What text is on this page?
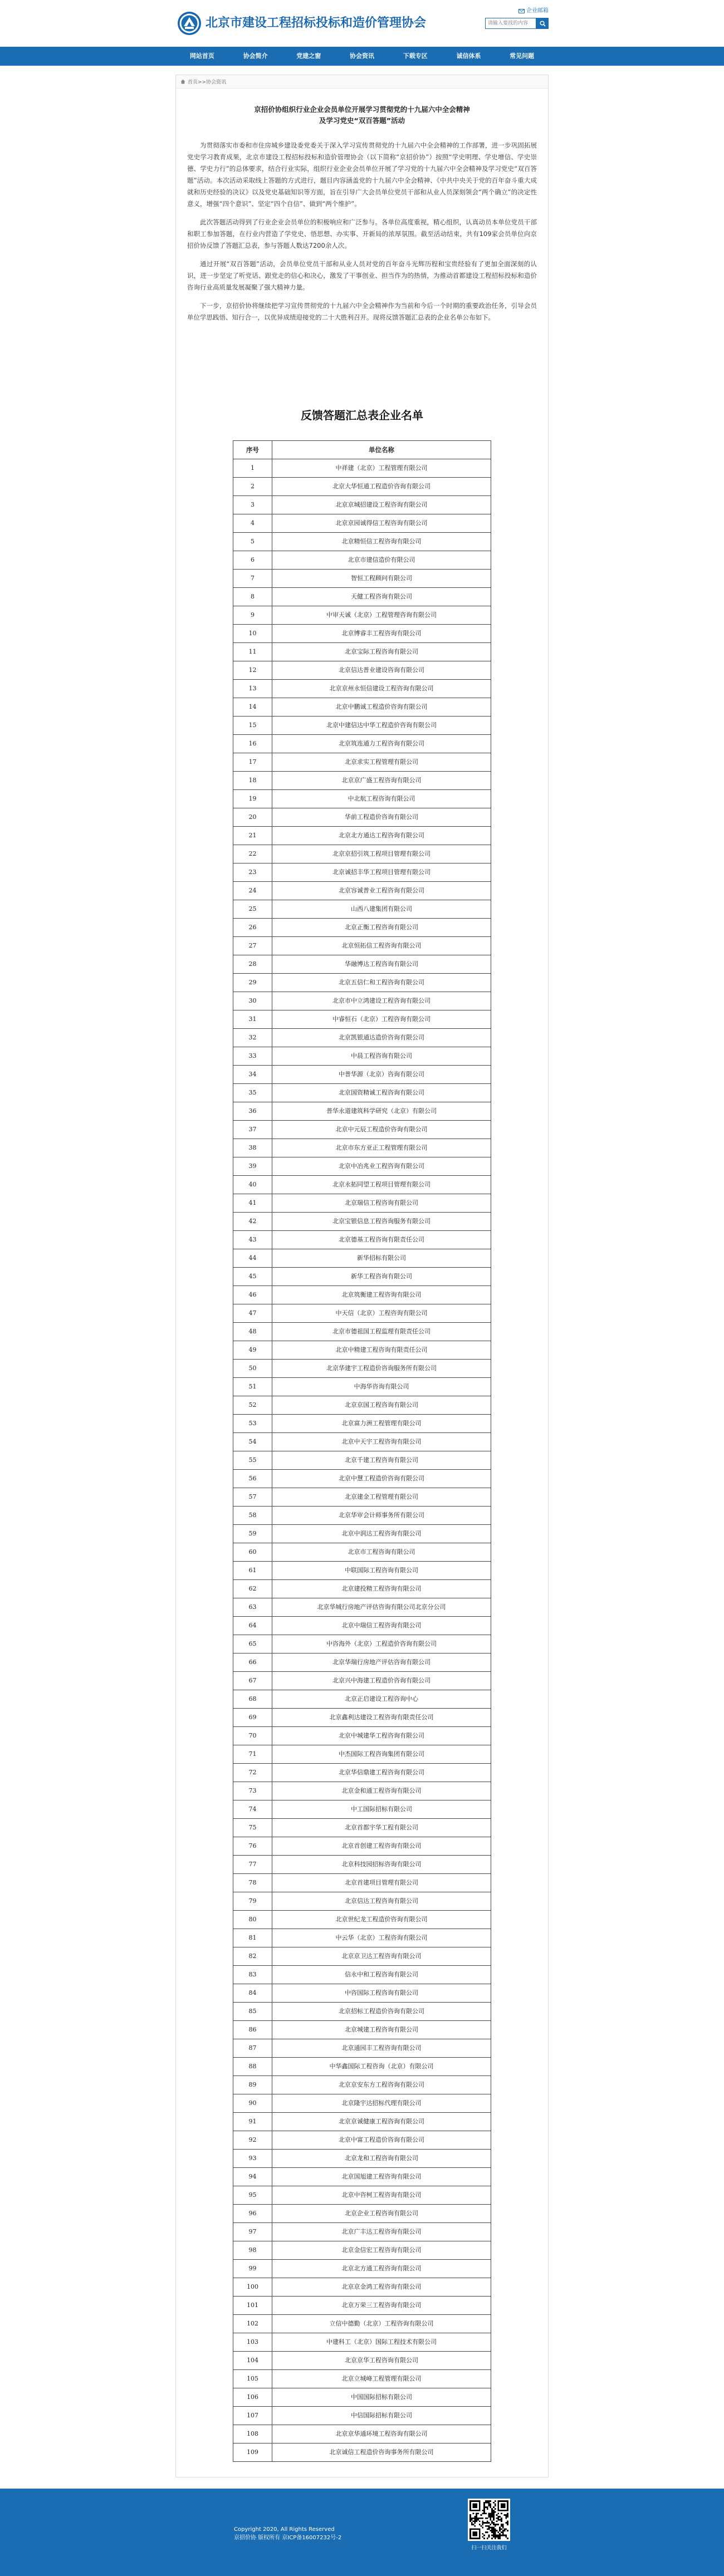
北京市建设工程招标投标和造价管理协会
企业邮箱
请输入要找的内容
网站首页	协会简介	党建之窗	协会资讯	下载专区	诚信体系	常见问题
首页>>协会资讯
京招价协组织行业企业会员单位开展学习贯彻党的十九届六中全会精神
及学习党史“双百答题”活动

为贯彻落实市委和市住房城乡建设委党委关于深入学习宣传贯彻党的十九届六中全会精神的工作部署，进一步巩固拓展党史学习教育成果，北京市建设工程招标投标和造价管理协会（以下简称“京招价协”）按照“学史明理、学史增信、学史崇德、学史力行”的总体要求，结合行业实际，组织行业企业会员单位开展了学习党的十九届六中全会精神及学习党史“双百答题”活动。本次活动采取线上答题的方式进行，题目内容涵盖党的十九届六中全会精神、《中共中央关于党的百年奋斗重大成就和历史经验的决议》以及党史基础知识等方面，旨在引导广大会员单位党员干部和从业人员深刻领会“两个确立”的决定性意义，增强“四个意识”、坚定“四个自信”、做到“两个维护”。

此次答题活动得到了行业企业会员单位的积极响应和广泛参与。各单位高度重视，精心组织，认真动员本单位党员干部和职工参加答题，在行业内营造了学党史、悟思想、办实事、开新局的浓厚氛围。截至活动结束，共有109家会员单位向京招价协反馈了答题汇总表，参与答题人数达7200余人次。

通过开展“双百答题”活动，会员单位党员干部和从业人员对党的百年奋斗光辉历程和宝贵经验有了更加全面深刻的认识，进一步坚定了听党话、跟党走的信心和决心，激发了干事创业、担当作为的热情，为推动首都建设工程招标投标和造价咨询行业高质量发展凝聚了强大精神力量。

下一步，京招价协将继续把学习宣传贯彻党的十九届六中全会精神作为当前和今后一个时期的重要政治任务，引导会员单位学思践悟、知行合一，以优异成绩迎接党的二十大胜利召开。现将反馈答题汇总表的企业名单公布如下。

反馈答题汇总表企业名单
序号	单位名称
1	中祥建（北京）工程管理有限公司
2	北京大华恒通工程造价咨询有限公司
3	北京京城招建设工程咨询有限公司
4	北京京园诚得信工程咨询有限公司
5	北京精恒信工程咨询有限公司
6	北京市建信造价有限公司
7	智恒工程顾问有限公司
8	天健工程咨询有限公司
9	中审天诚（北京）工程管理咨询有限公司
10	北京博睿丰工程咨询有限公司
11	北京宝际工程咨询有限公司
12	北京信达普业建设咨询有限公司
13	北京京州永恒信建设工程咨询有限公司
14	北京中鹏诚工程造价咨询有限公司
15	北京中建信达中华工程造价咨询有限公司
16	北京筑连通力工程咨询有限公司
17	北京求实工程管理有限公司
18	北京京广盛工程咨询有限公司
19	中北航工程咨询有限公司
20	华前工程造价咨询有限公司
21	北京北方通达工程咨询有限公司
22	北京京招引筑工程项目管理有限公司
23	北京诚招丰华工程项目管理有限公司
24	北京容诚普业工程咨询有限公司
25	山西八建集团有限公司
26	北京正衡工程咨询有限公司
27	北京恒拓信工程咨询有限公司
28	华融博达工程咨询有限公司
29	北京五信仁和工程咨询有限公司
30	北京市中立鸿建设工程咨询有限公司
31	中睿恒石（北京）工程咨询有限公司
32	北京凯银通达造价咨询有限公司
33	中晨工程咨询有限公司
34	中普华源（北京）咨询有限公司
35	北京国资精诚工程咨询有限公司
36	普华永道建筑科学研究（北京）有限公司
37	北京中元辰工程造价咨询有限公司
38	北京市东方亚正工程管理有限公司
39	北京中冶兆业工程咨询有限公司
40	北京永拓同望工程项目管理有限公司
41	北京瑞信工程咨询有限公司
42	北京宝银信息工程咨询服务有限公司
43	北京德基工程咨询有限责任公司
44	新华招标有限公司
45	新华工程咨询有限公司
46	北京筑衡建工程咨询有限公司
47	中天信（北京）工程咨询有限公司
48	北京市德祖国工程监理有限责任公司
49	北京中精建工程咨询有限责任公司
50	北京华建宇工程造价咨询服务所有限公司
51	中海华咨询有限公司
52	北京京国工程咨询有限公司
53	北京富力洲工程管理有限公司
54	北京中天宇工程咨询有限公司
55	北京千建工程咨询有限公司
56	北京中慧工程造价咨询有限公司
57	北京建金工程管理有限公司
58	北京华审会计师事务所有限公司
59	北京中润达工程咨询有限公司
60	北京市工程咨询有限公司
61	中联国际工程咨询有限公司
62	北京建投精工程咨询有限公司
63	北京华城行房地产评估咨询有限公司北京分公司
64	北京中瑞信工程咨询有限公司
65	中咨海外（北京）工程造价咨询有限公司
66	北京华瑞行房地产评估咨询有限公司
67	北京兴中海建工程造价咨询有限公司
68	北京正启建设工程咨询中心
69	北京鑫利达建设工程咨询有限责任公司
70	北京中城建华工程咨询有限公司
71	中杰国际工程咨询集团有限公司
72	北京华信鼎建工程咨询有限公司
73	北京金和通工程咨询有限公司
74	中工国际招标有限公司
75	北京首都宇华工程有限公司
76	北京首创建工程咨询有限公司
77	北京科技园招标咨询有限公司
78	北京首建项目管理有限公司
79	北京信达工程咨询有限公司
80	北京世纪龙工程造价咨询有限公司
81	中云华（北京）工程咨询有限公司
82	北京京卫达工程咨询有限公司
83	信永中和工程咨询有限公司
84	中咨国际工程咨询有限公司
85	北京招标工程造价咨询有限公司
86	北京城建工程咨询有限公司
87	北京通园丰工程咨询有限公司
88	中华鑫国际工程咨询（北京）有限公司
89	北京京安东方工程咨询有限公司
90	北京隆宇达招标代理有限公司
91	北京京诚健康工程咨询有限公司
92	北京中富工程造价咨询有限公司
93	北京龙和工程咨询有限公司
94	北京国旭建工程咨询有限公司
95	北京中咨柯工程咨询有限公司
96	北京企业工程咨询有限公司
97	北京广丰达工程咨询有限公司
98	北京金信宏工程咨询有限公司
99	北京北方通工程咨询有限公司
100	北京京金鸿工程咨询有限公司
101	北京万荣三工程咨询有限公司
102	立信中德勤（北京）工程咨询有限公司
103	中建科工（北京）国际工程技术有限公司
104	北京京华工程咨询有限公司
105	北京立城峰工程管理有限公司
106	中国国际招标有限公司
107	中信国际招标有限公司
108	北京京华通环境工程咨询有限公司
109	北京诚信工程造价咨询事务所有限公司
Copyright 2020, All Rights Reserved
京招价协 版权所有 京ICP备16007232号-2
扫一扫关注我们
